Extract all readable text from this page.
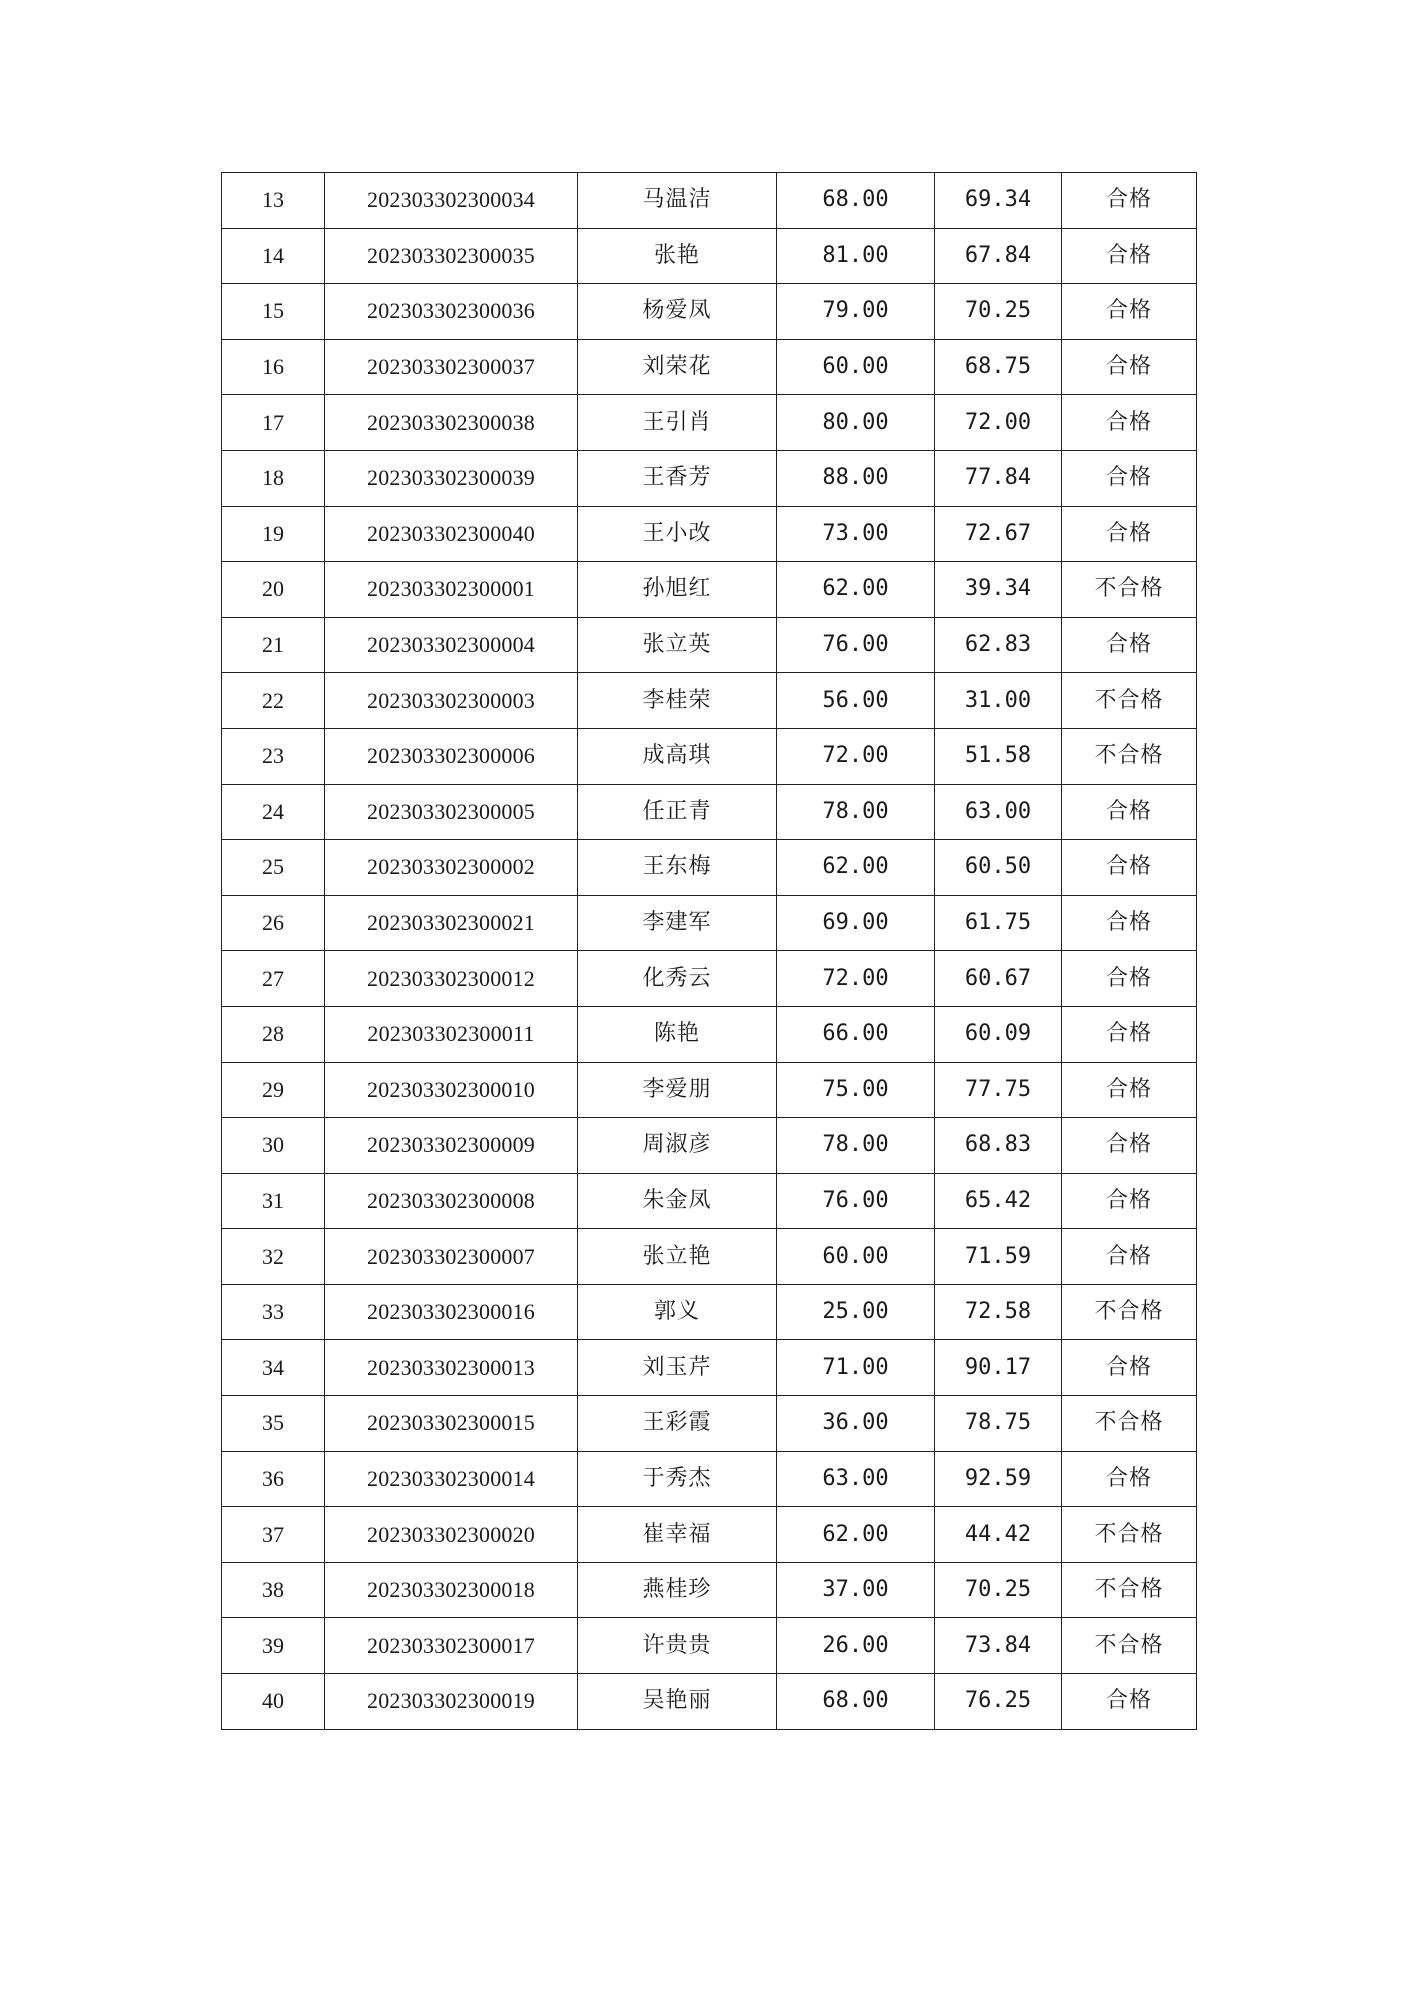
13	202303302300034	马温洁	68.00	69.34	合格
14	202303302300035	张艳	81.00	67.84	合格
15	202303302300036	杨爱凤	79.00	70.25	合格
16	202303302300037	刘荣花	60.00	68.75	合格
17	202303302300038	王引肖	80.00	72.00	合格
18	202303302300039	王香芳	88.00	77.84	合格
19	202303302300040	王小改	73.00	72.67	合格
20	202303302300001	孙旭红	62.00	39.34	不合格
21	202303302300004	张立英	76.00	62.83	合格
22	202303302300003	李桂荣	56.00	31.00	不合格
23	202303302300006	成高琪	72.00	51.58	不合格
24	202303302300005	任正青	78.00	63.00	合格
25	202303302300002	王东梅	62.00	60.50	合格
26	202303302300021	李建军	69.00	61.75	合格
27	202303302300012	化秀云	72.00	60.67	合格
28	202303302300011	陈艳	66.00	60.09	合格
29	202303302300010	李爱朋	75.00	77.75	合格
30	202303302300009	周淑彦	78.00	68.83	合格
31	202303302300008	朱金凤	76.00	65.42	合格
32	202303302300007	张立艳	60.00	71.59	合格
33	202303302300016	郭义	25.00	72.58	不合格
34	202303302300013	刘玉芹	71.00	90.17	合格
35	202303302300015	王彩霞	36.00	78.75	不合格
36	202303302300014	于秀杰	63.00	92.59	合格
37	202303302300020	崔幸福	62.00	44.42	不合格
38	202303302300018	燕桂珍	37.00	70.25	不合格
39	202303302300017	许贵贵	26.00	73.84	不合格
40	202303302300019	吴艳丽	68.00	76.25	合格
